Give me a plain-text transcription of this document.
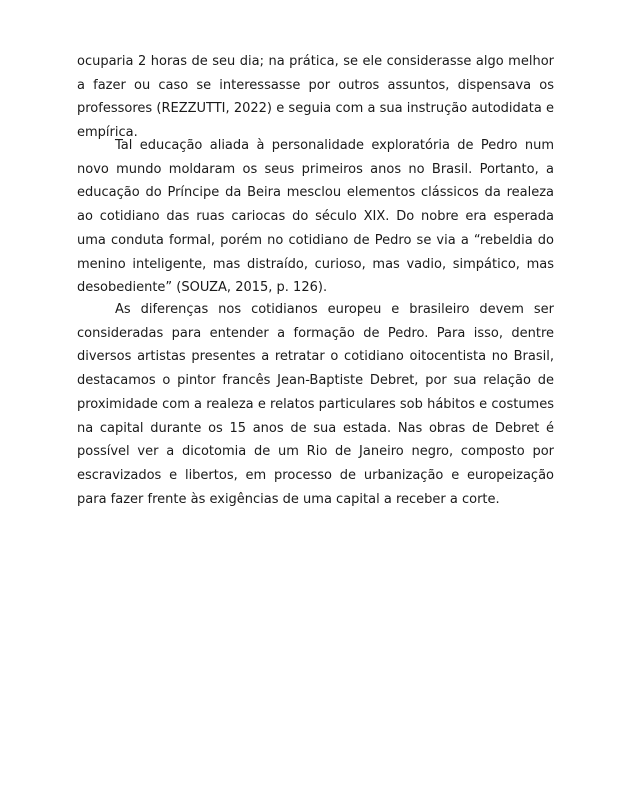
ocuparia 2 horas de seu dia; na prática, se ele considerasse algo melhor a fazer ou caso se interessasse por outros assuntos, dispensava os professores (REZZUTTI, 2022) e seguia com a sua instrução autodidata e empírica.

Tal educação aliada à personalidade exploratória de Pedro num novo mundo moldaram os seus primeiros anos no Brasil. Portanto, a educação do Príncipe da Beira mesclou elementos clássicos da realeza ao cotidiano das ruas cariocas do século XIX. Do nobre era esperada uma conduta formal, porém no cotidiano de Pedro se via a “rebeldia do menino inteligente, mas distraído, curioso, mas vadio, simpático, mas desobediente” (SOUZA, 2015, p. 126).

As diferenças nos cotidianos europeu e brasileiro devem ser consideradas para entender a formação de Pedro. Para isso, dentre diversos artistas presentes a retratar o cotidiano oitocentista no Brasil, destacamos o pintor francês Jean-Baptiste Debret, por sua relação de proximidade com a realeza e relatos particulares sob hábitos e costumes na capital durante os 15 anos de sua estada. Nas obras de Debret é possível ver a dicotomia de um Rio de Janeiro negro, composto por escravizados e libertos, em processo de urbanização e europeização para fazer frente às exigências de uma capital a receber a corte.
